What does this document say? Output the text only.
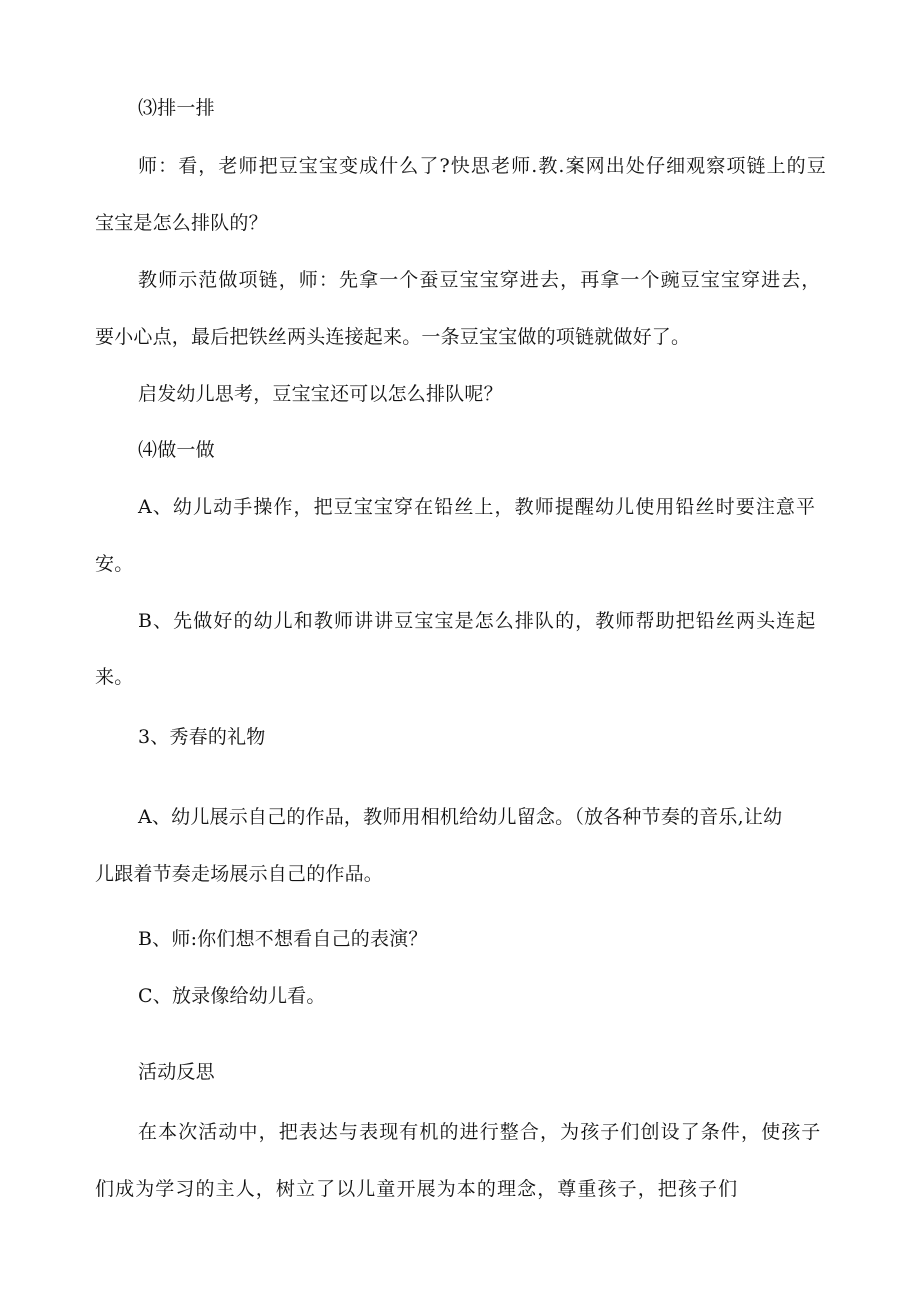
⑶排一排
师：看，老师把豆宝宝变成什么了?快思老师.教.案网出处仔细观察项链上的豆
宝宝是怎么排队的？
教师示范做项链，师：先拿一个蚕豆宝宝穿进去，再拿一个豌豆宝宝穿进去，
要小心点，最后把铁丝两头连接起来。一条豆宝宝做的项链就做好了。
启发幼儿思考，豆宝宝还可以怎么排队呢？
⑷做一做
A、幼儿动手操作，把豆宝宝穿在铅丝上，教师提醒幼儿使用铅丝时要注意平
安。
B、先做好的幼儿和教师讲讲豆宝宝是怎么排队的，教师帮助把铅丝两头连起
来。
3、秀春的礼物
A、幼儿展示自己的作品，教师用相机给幼儿留念。（放各种节奏的音乐,让幼
儿跟着节奏走场展示自己的作品。
B、师:你们想不想看自己的表演？
C、放录像给幼儿看。
活动反思
在本次活动中，把表达与表现有机的进行整合，为孩子们创设了条件，使孩子
们成为学习的主人，树立了以儿童开展为本的理念，尊重孩子，把孩子们
